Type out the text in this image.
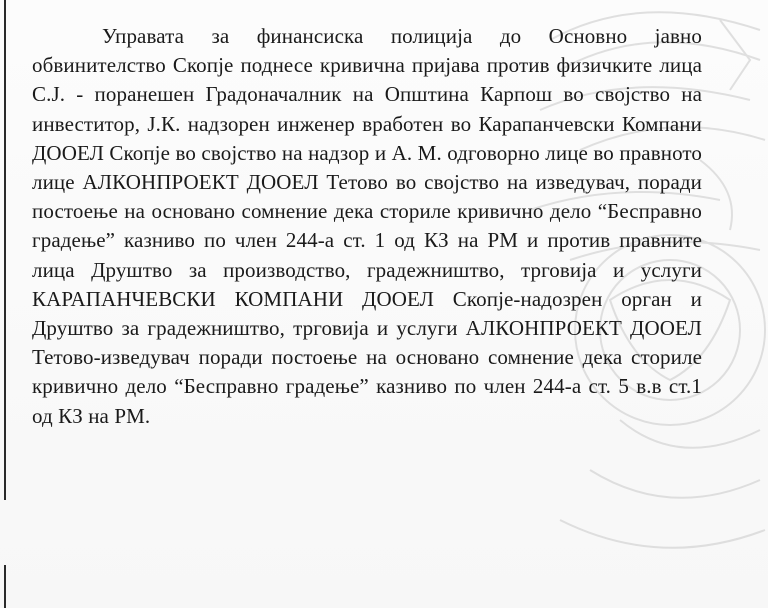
Управата за финансиска полиција до Основно јавно обвинителство Скопје поднесе кривична пријава против физичките лица С.Ј. - поранешен Градоначалник на Општина Карпош во својство на инвеститор, Ј.К. надзорен инженер вработен во Карапанчевски Компани ДООЕЛ Скопје во својство на надзор и А. М. одговорно лице во правното лице АЛКОНПРОЕКТ ДООЕЛ Тетово во својство на изведувач, поради постоење на основано сомнение дека сториле кривично дело “Бесправно градење” казниво по член 244-а ст. 1 од КЗ на РМ и против правните лица Друштво за производство, градежништво, трговија и услуги КАРАПАНЧЕВСКИ КОМПАНИ ДООЕЛ Скопје-надозрен орган и Друштво за градежништво, трговија и услуги АЛКОНПРОЕКТ ДООЕЛ Тетово-изведувач поради постоење на основано сомнение дека сториле кривично дело “Бесправно градење” казниво по член 244-а ст. 5 в.в ст.1 од КЗ на РМ.
